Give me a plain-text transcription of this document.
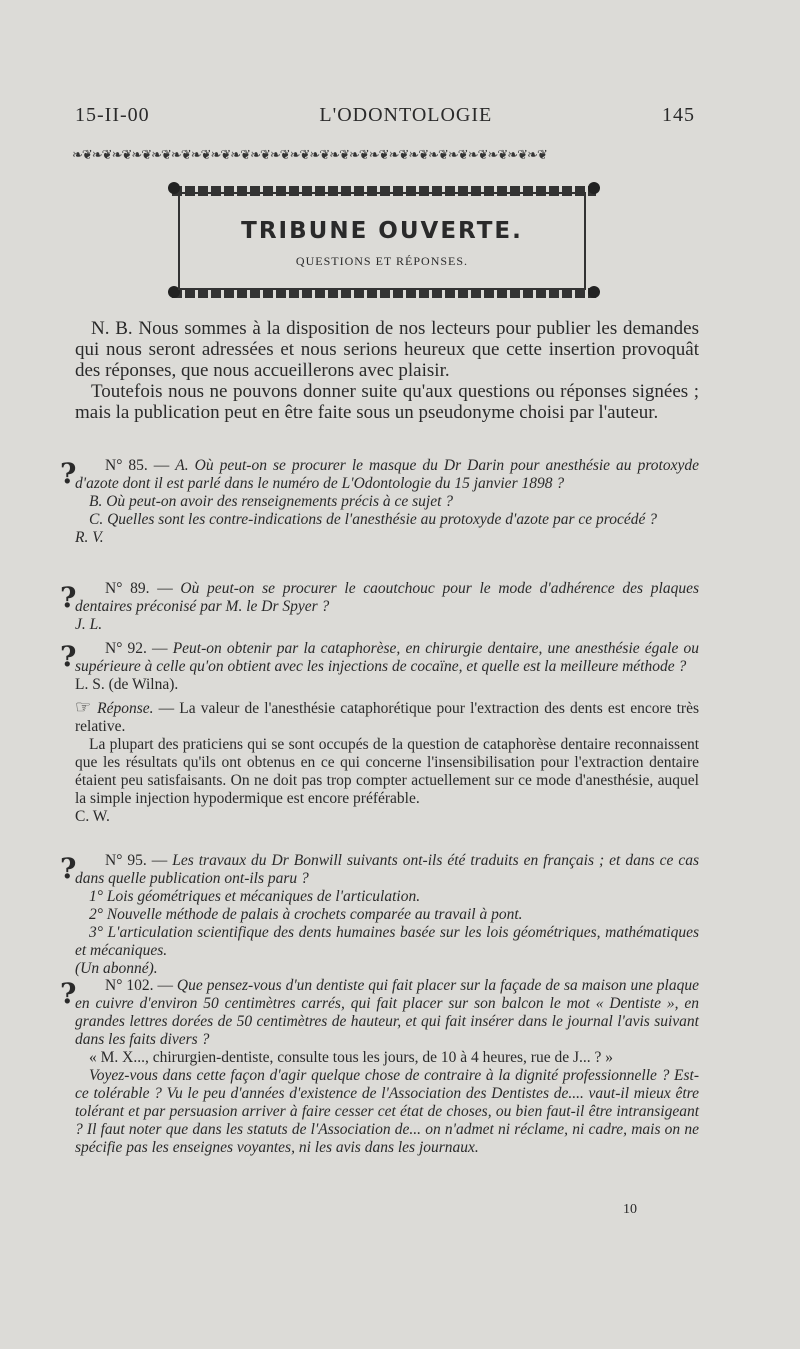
15-II-00	L'ODONTOLOGIE	145
❧❦❧❦❧❦❧❦❧❦❧❦❧❦❧❦❧❦❧❦❧❦❧❦❧❦❧❦❧❦❧❦❧❦❧❦❧❦❧❦❧❦❧❦❧❦❧❦
TRIBUNE OUVERTE.
QUESTIONS ET RÉPONSES.

N. B. Nous sommes à la disposition de nos lecteurs pour publier les demandes qui nous seront adressées et nous serions heureux que cette insertion provoquât des réponses, que nous accueillerons avec plaisir.

Toutefois nous ne pouvons donner suite qu'aux questions ou réponses signées ; mais la publication peut en être faite sous un pseudonyme choisi par l'auteur.

?	N° 85. — A. Où peut-on se procurer le masque du Dr Darin pour anesthésie au protoxyde d'azote dont il est parlé dans le numéro de L'Odontologie du 15 janvier 1898 ?

B. Où peut-on avoir des renseignements précis à ce sujet ?

C. Quelles sont les contre-indications de l'anesthésie au protoxyde d'azote par ce procédé ?

R. V.

?	N° 89. — Où peut-on se procurer le caoutchouc pour le mode d'adhérence des plaques dentaires préconisé par M. le Dr Spyer ?

J. L.

?	N° 92. — Peut-on obtenir par la cataphorèse, en chirurgie dentaire, une anesthésie égale ou supérieure à celle qu'on obtient avec les injections de cocaïne, et quelle est la meilleure méthode ?

L. S. (de Wilna).

☞ Réponse. — La valeur de l'anesthésie cataphorétique pour l'extraction des dents est encore très relative.

La plupart des praticiens qui se sont occupés de la question de cataphorèse dentaire reconnaissent que les résultats qu'ils ont obtenus en ce qui concerne l'insensibilisation pour l'extraction dentaire étaient peu satisfaisants. On ne doit pas trop compter actuellement sur ce mode d'anesthésie, auquel la simple injection hypodermique est encore préférable.

C. W.

?	N° 95. — Les travaux du Dr Bonwill suivants ont-ils été traduits en français ; et dans ce cas dans quelle publication ont-ils paru ?

1° Lois géométriques et mécaniques de l'articulation.

2° Nouvelle méthode de palais à crochets comparée au travail à pont.

3° L'articulation scientifique des dents humaines basée sur les lois géométriques, mathématiques et mécaniques.

(Un abonné).

?	N° 102. — Que pensez-vous d'un dentiste qui fait placer sur la façade de sa maison une plaque en cuivre d'environ 50 centimètres carrés, qui fait placer sur son balcon le mot « Dentiste », en grandes lettres dorées de 50 centimètres de hauteur, et qui fait insérer dans le journal l'avis suivant dans les faits divers ?

« M. X..., chirurgien-dentiste, consulte tous les jours, de 10 à 4 heures, rue de J... ? »

Voyez-vous dans cette façon d'agir quelque chose de contraire à la dignité professionnelle ? Est-ce tolérable ? Vu le peu d'années d'existence de l'Association des Dentistes de.... vaut-il mieux être tolérant et par persuasion arriver à faire cesser cet état de choses, ou bien faut-il être intransigeant ? Il faut noter que dans les statuts de l'Association de... on n'admet ni réclame, ni cadre, mais on ne spécifie pas les enseignes voyantes, ni les avis dans les journaux.

10
